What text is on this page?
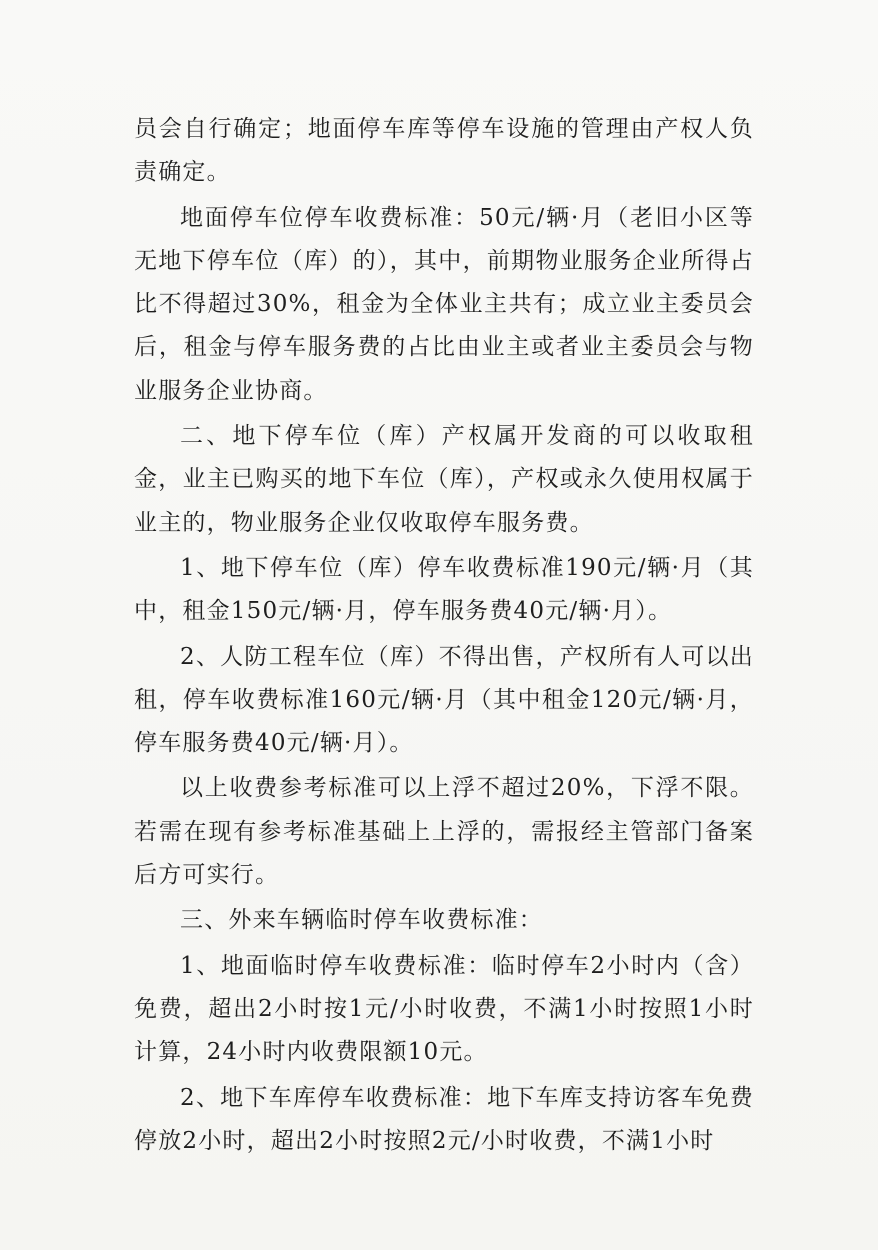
员会自行确定；地面停车库等停车设施的管理由产权人负责确定。

地面停车位停车收费标准：50元/辆·月（老旧小区等无地下停车位（库）的），其中，前期物业服务企业所得占比不得超过30%，租金为全体业主共有；成立业主委员会后，租金与停车服务费的占比由业主或者业主委员会与物业服务企业协商。

二、地下停车位（库）产权属开发商的可以收取租金，业主已购买的地下车位（库），产权或永久使用权属于业主的，物业服务企业仅收取停车服务费。

1、地下停车位（库）停车收费标准190元/辆·月（其中，租金150元/辆·月，停车服务费40元/辆·月）。

2、人防工程车位（库）不得出售，产权所有人可以出租，停车收费标准160元/辆·月（其中租金120元/辆·月，停车服务费40元/辆·月）。

以上收费参考标准可以上浮不超过20%，下浮不限。若需在现有参考标准基础上上浮的，需报经主管部门备案后方可实行。

三、外来车辆临时停车收费标准：

1、地面临时停车收费标准：临时停车2小时内（含）免费，超出2小时按1元/小时收费，不满1小时按照1小时计算，24小时内收费限额10元。

2、地下车库停车收费标准：地下车库支持访客车免费停放2小时，超出2小时按照2元/小时收费，不满1小时
